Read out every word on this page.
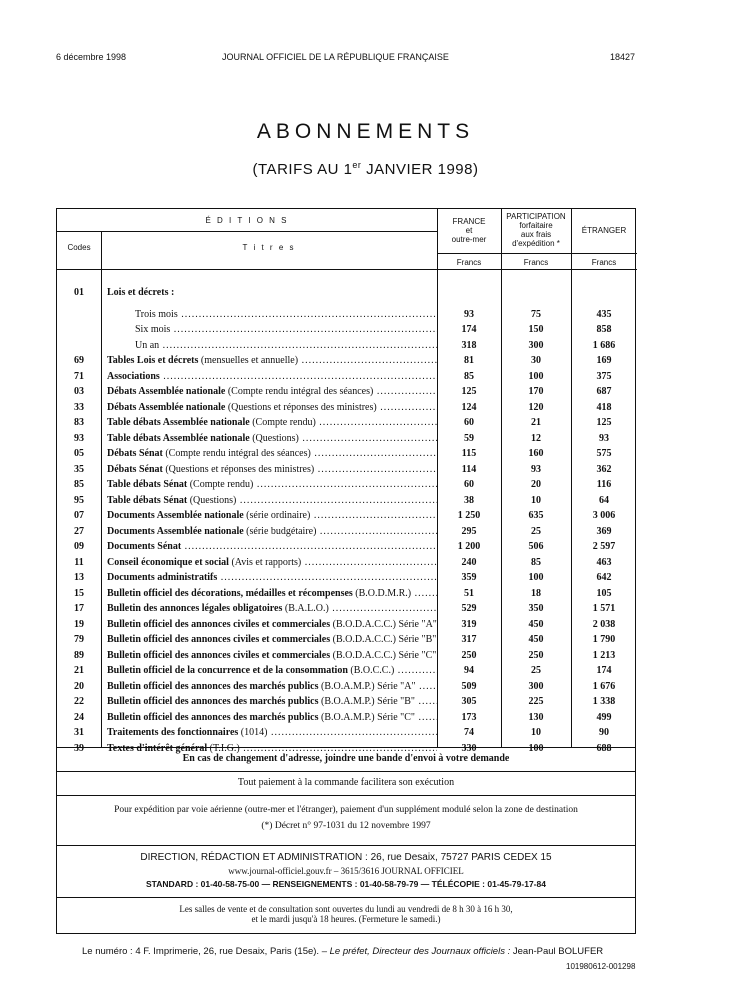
6 décembre 1998	JOURNAL OFFICIEL DE LA RÉPUBLIQUE FRANÇAISE	18427
ABONNEMENTS
(TARIFS AU 1er JANVIER 1998)
É D I T I O N S
Codes	T i t r e s
FRANCE
et
outre-mer
PARTICIPATION
forfaitaire
aux frais
d'expédition *
ÉTRANGER
Francs	Francs	Francs
01	Lois et décrets :
Trois mois .....	93	75	435
Six mois .....	174	150	858
Un an .....	318	300	1 686
69	Tables Lois et décrets (mensuelles et annuelle) .....	81	30	169
71	Associations .....	85	100	375
03	Débats Assemblée nationale (Compte rendu intégral des séances) .....	125	170	687
33	Débats Assemblée nationale (Questions et réponses des ministres) .....	124	120	418
83	Table débats Assemblée nationale (Compte rendu) .....	60	21	125
93	Table débats Assemblée nationale (Questions) .....	59	12	93
05	Débats Sénat (Compte rendu intégral des séances) .....	115	160	575
35	Débats Sénat (Questions et réponses des ministres) .....	114	93	362
85	Table débats Sénat (Compte rendu) .....	60	20	116
95	Table débats Sénat (Questions) .....	38	10	64
07	Documents Assemblée nationale (série ordinaire) .....	1 250	635	3 006
27	Documents Assemblée nationale (série budgétaire) .....	295	25	369
09	Documents Sénat .....	1 200	506	2 597
11	Conseil économique et social (Avis et rapports) .....	240	85	463
13	Documents administratifs .....	359	100	642
15	Bulletin officiel des décorations, médailles et récompenses (B.O.D.M.R.) .....	51	18	105
17	Bulletin des annonces légales obligatoires (B.A.L.O.) .....	529	350	1 571
19	Bulletin officiel des annonces civiles et commerciales (B.O.D.A.C.C.) Série "A" .....	319	450	2 038
79	Bulletin officiel des annonces civiles et commerciales (B.O.D.A.C.C.) Série "B" .....	317	450	1 790
89	Bulletin officiel des annonces civiles et commerciales (B.O.D.A.C.C.) Série "C" .....	250	250	1 213
21	Bulletin officiel de la concurrence et de la consommation (B.O.C.C.) .....	94	25	174
20	Bulletin officiel des annonces des marchés publics (B.O.A.M.P.) Série "A" .....	509	300	1 676
22	Bulletin officiel des annonces des marchés publics (B.O.A.M.P.) Série "B" .....	305	225	1 338
24	Bulletin officiel des annonces des marchés publics (B.O.A.M.P.) Série "C" .....	173	130	499
31	Traitements des fonctionnaires (1014) .....	74	10	90
39	Textes d'intérêt général (T.I.G.) .....	330	100	688
En cas de changement d'adresse, joindre une bande d'envoi à votre demande
Tout paiement à la commande facilitera son exécution
Pour expédition par voie aérienne (outre-mer et l'étranger), paiement d'un supplément modulé selon la zone de destination
(*) Décret n° 97-1031 du 12 novembre 1997
DIRECTION, RÉDACTION ET ADMINISTRATION : 26, rue Desaix, 75727 PARIS CEDEX 15
www.journal-officiel.gouv.fr – 3615/3616 JOURNAL OFFICIEL
STANDARD : 01-40-58-75-00 — RENSEIGNEMENTS : 01-40-58-79-79 — TÉLÉCOPIE : 01-45-79-17-84
Les salles de vente et de consultation sont ouvertes du lundi au vendredi de 8 h 30 à 16 h 30,
et le mardi jusqu'à 18 heures. (Fermeture le samedi.)
Le numéro : 4 F. Imprimerie, 26, rue Desaix, Paris (15e). – Le préfet, Directeur des Journaux officiels : Jean-Paul BOLUFER
101980612-001298
